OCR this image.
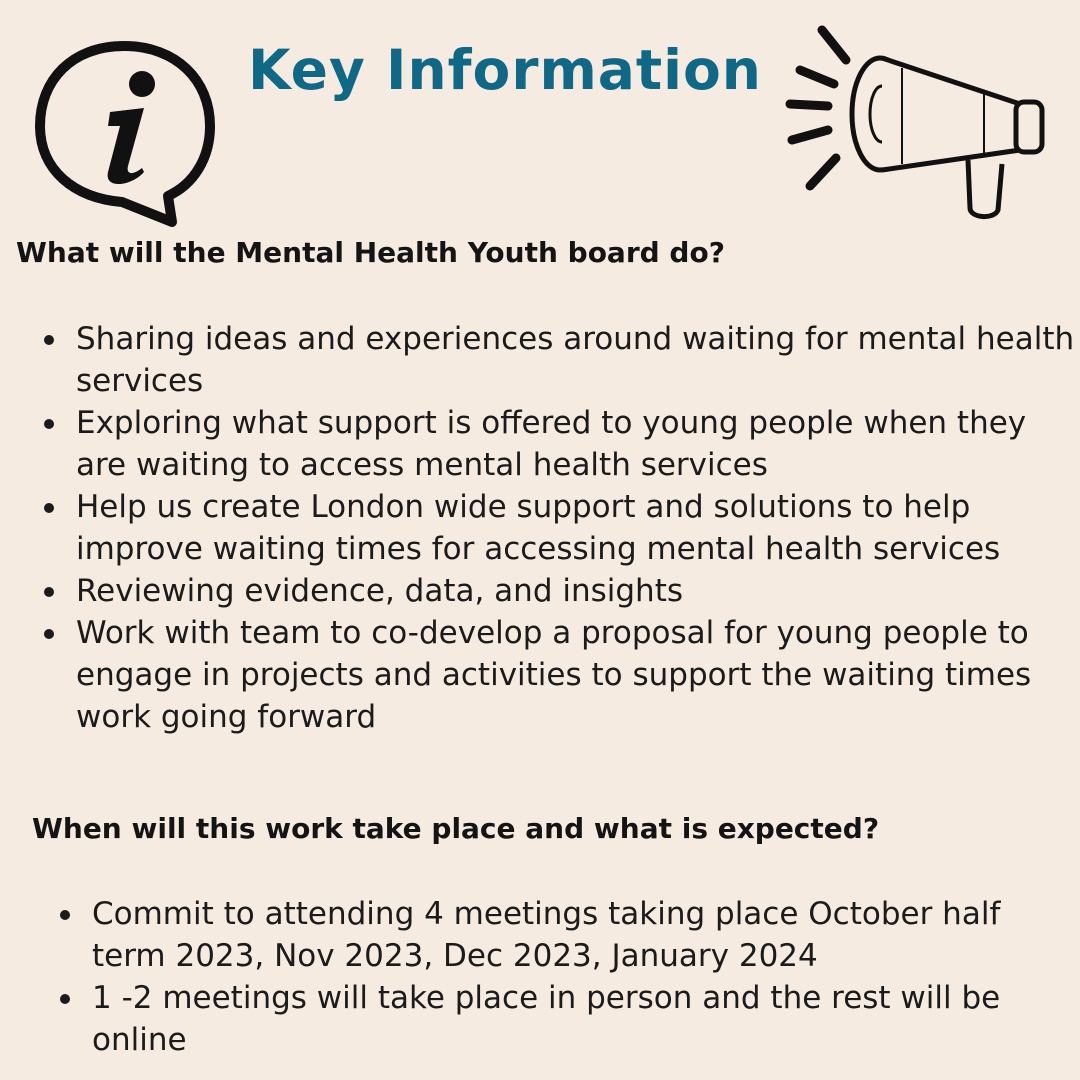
Key Information
What will the Mental Health Youth board do?
Sharing ideas and experiences around waiting for mental health services
Exploring what support is offered to young people when they are waiting to access mental health services
Help us create London wide support and solutions to help improve waiting times for accessing mental health services
Reviewing evidence, data, and insights
Work with team to co-develop a proposal for young people to engage in projects and activities to support the waiting times work going forward
When will this work take place and what is expected?
Commit to attending 4 meetings taking place October half term 2023, Nov 2023, Dec 2023, January 2024
1 -2 meetings will take place in person and the rest will be online
